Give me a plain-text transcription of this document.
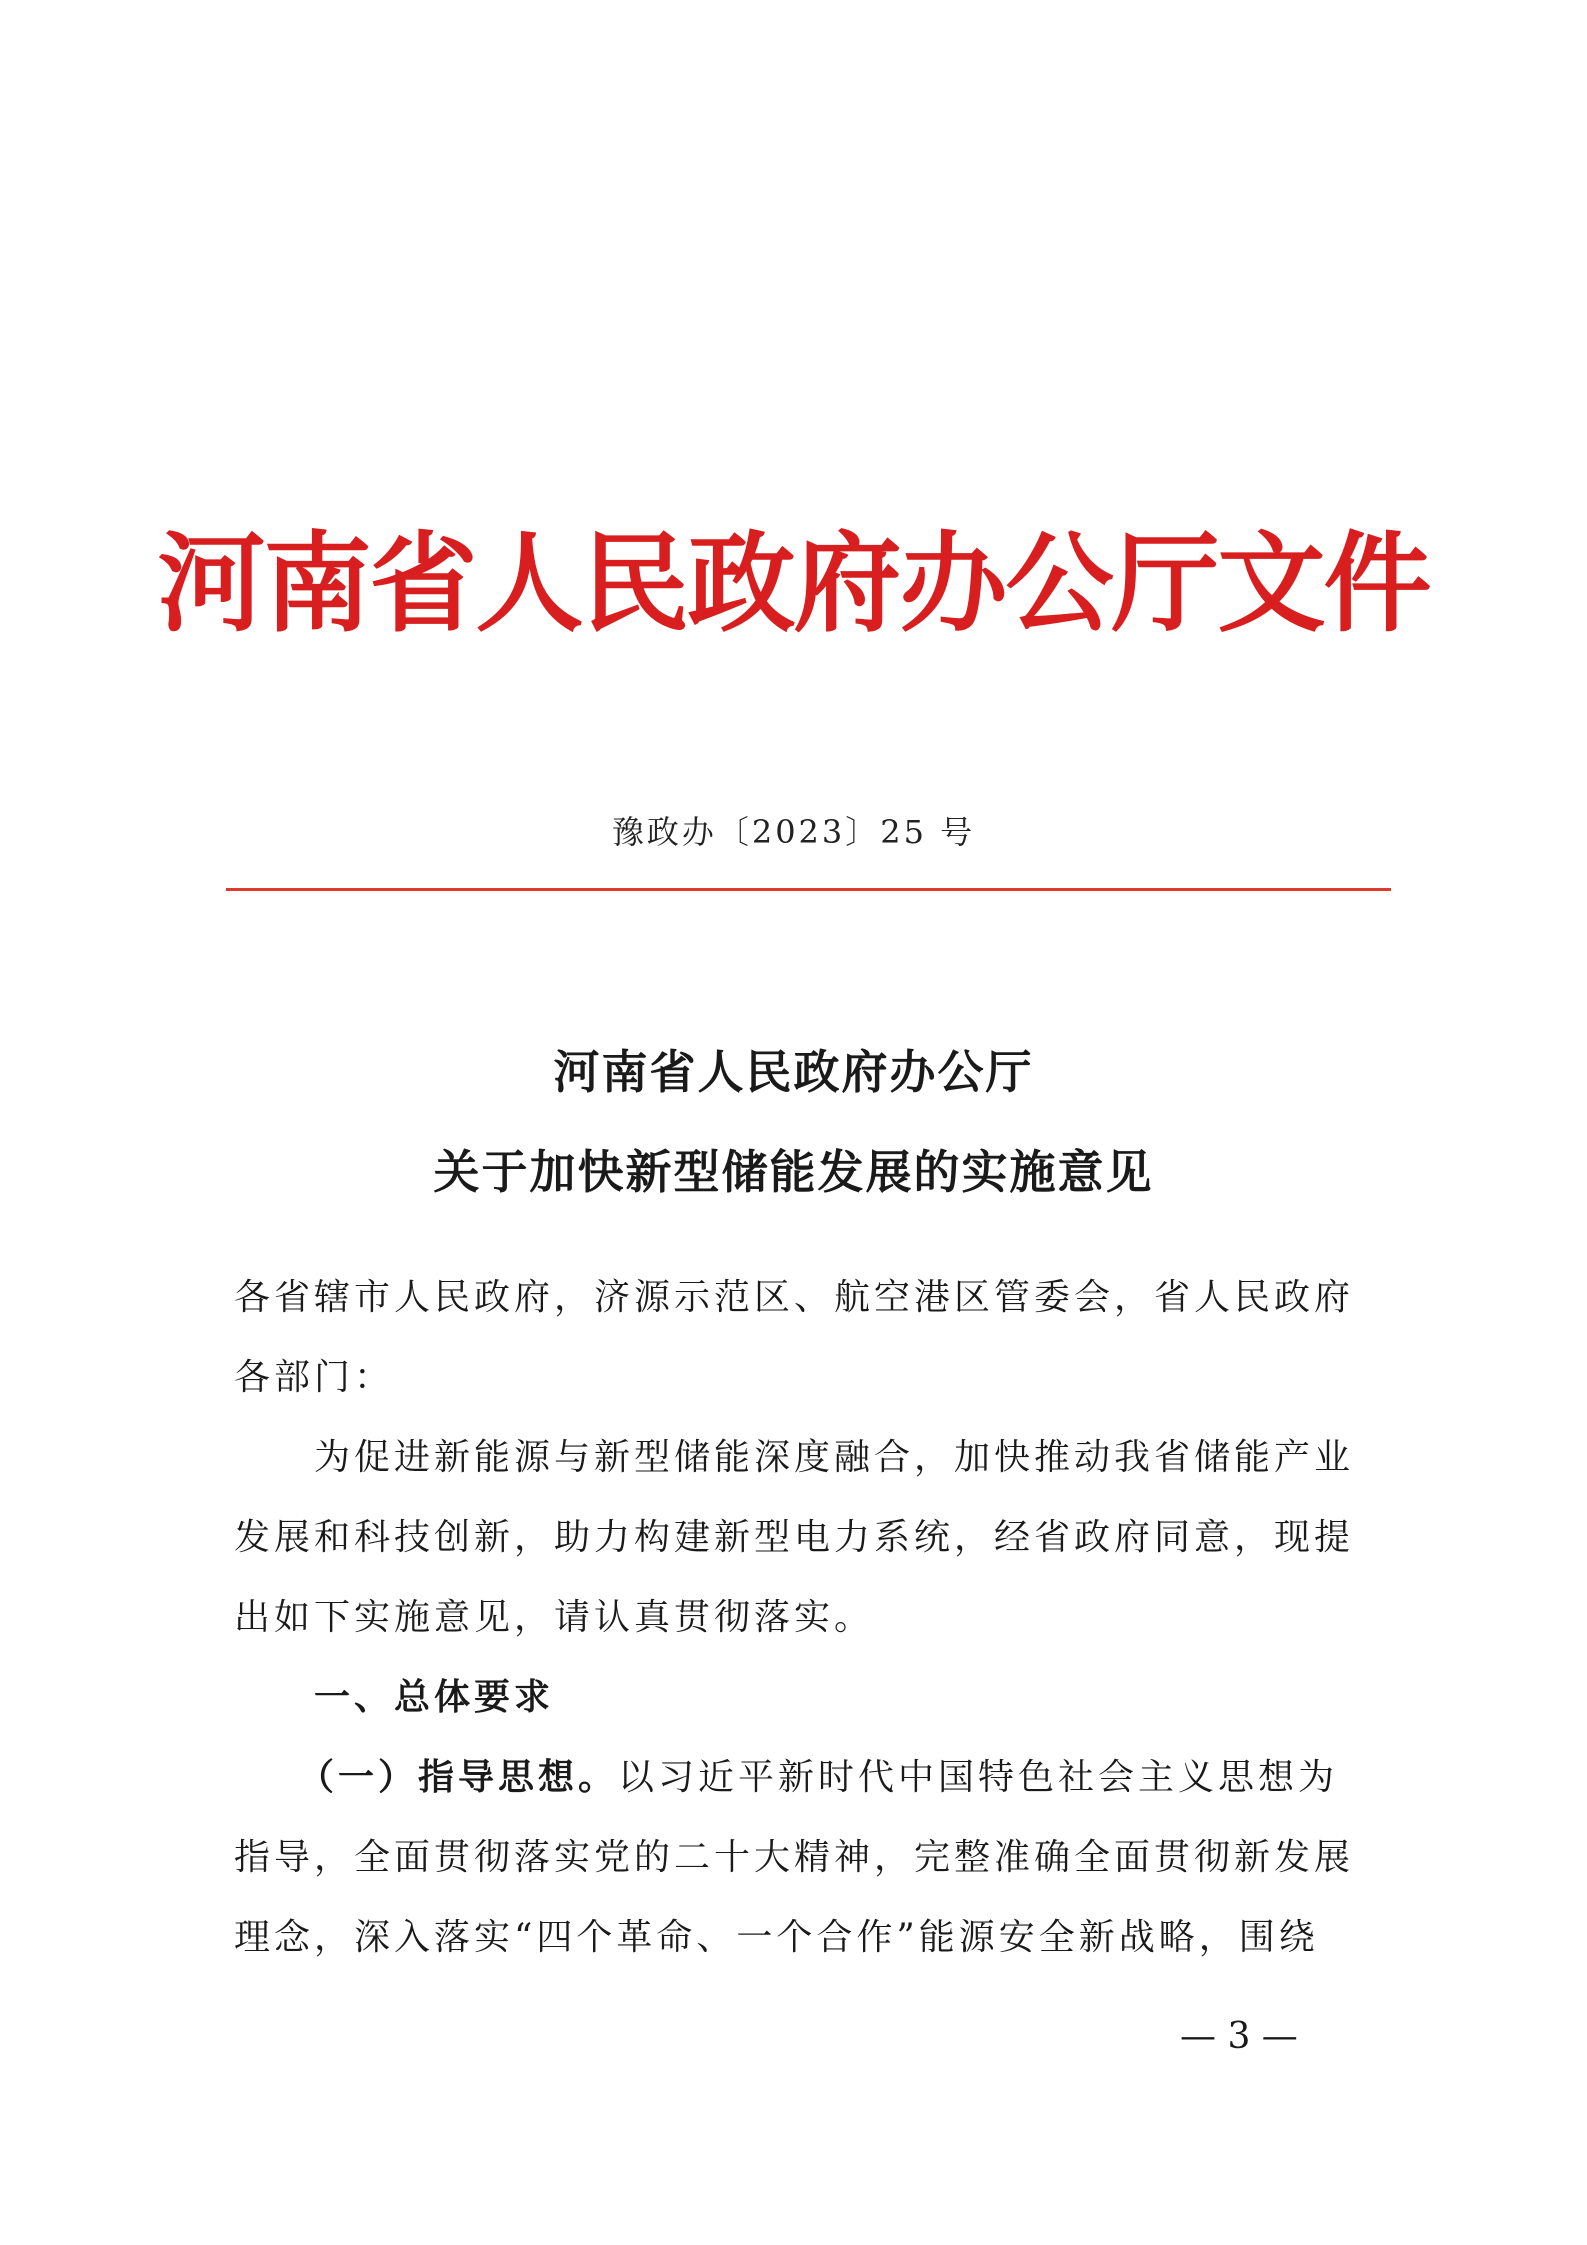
河南省人民政府办公厅文件
豫政办〔2023〕25 号
河南省人民政府办公厅
关于加快新型储能发展的实施意见
各省辖市人民政府，济源示范区、航空港区管委会，省人民政府
各部门：
为促进新能源与新型储能深度融合，加快推动我省储能产业
发展和科技创新，助力构建新型电力系统，经省政府同意，现提
出如下实施意见，请认真贯彻落实。
一、总体要求
（一）指导思想。以习近平新时代中国特色社会主义思想为
指导，全面贯彻落实党的二十大精神，完整准确全面贯彻新发展
理念，深入落实“四个革命、一个合作”能源安全新战略，围绕
— 3 —
